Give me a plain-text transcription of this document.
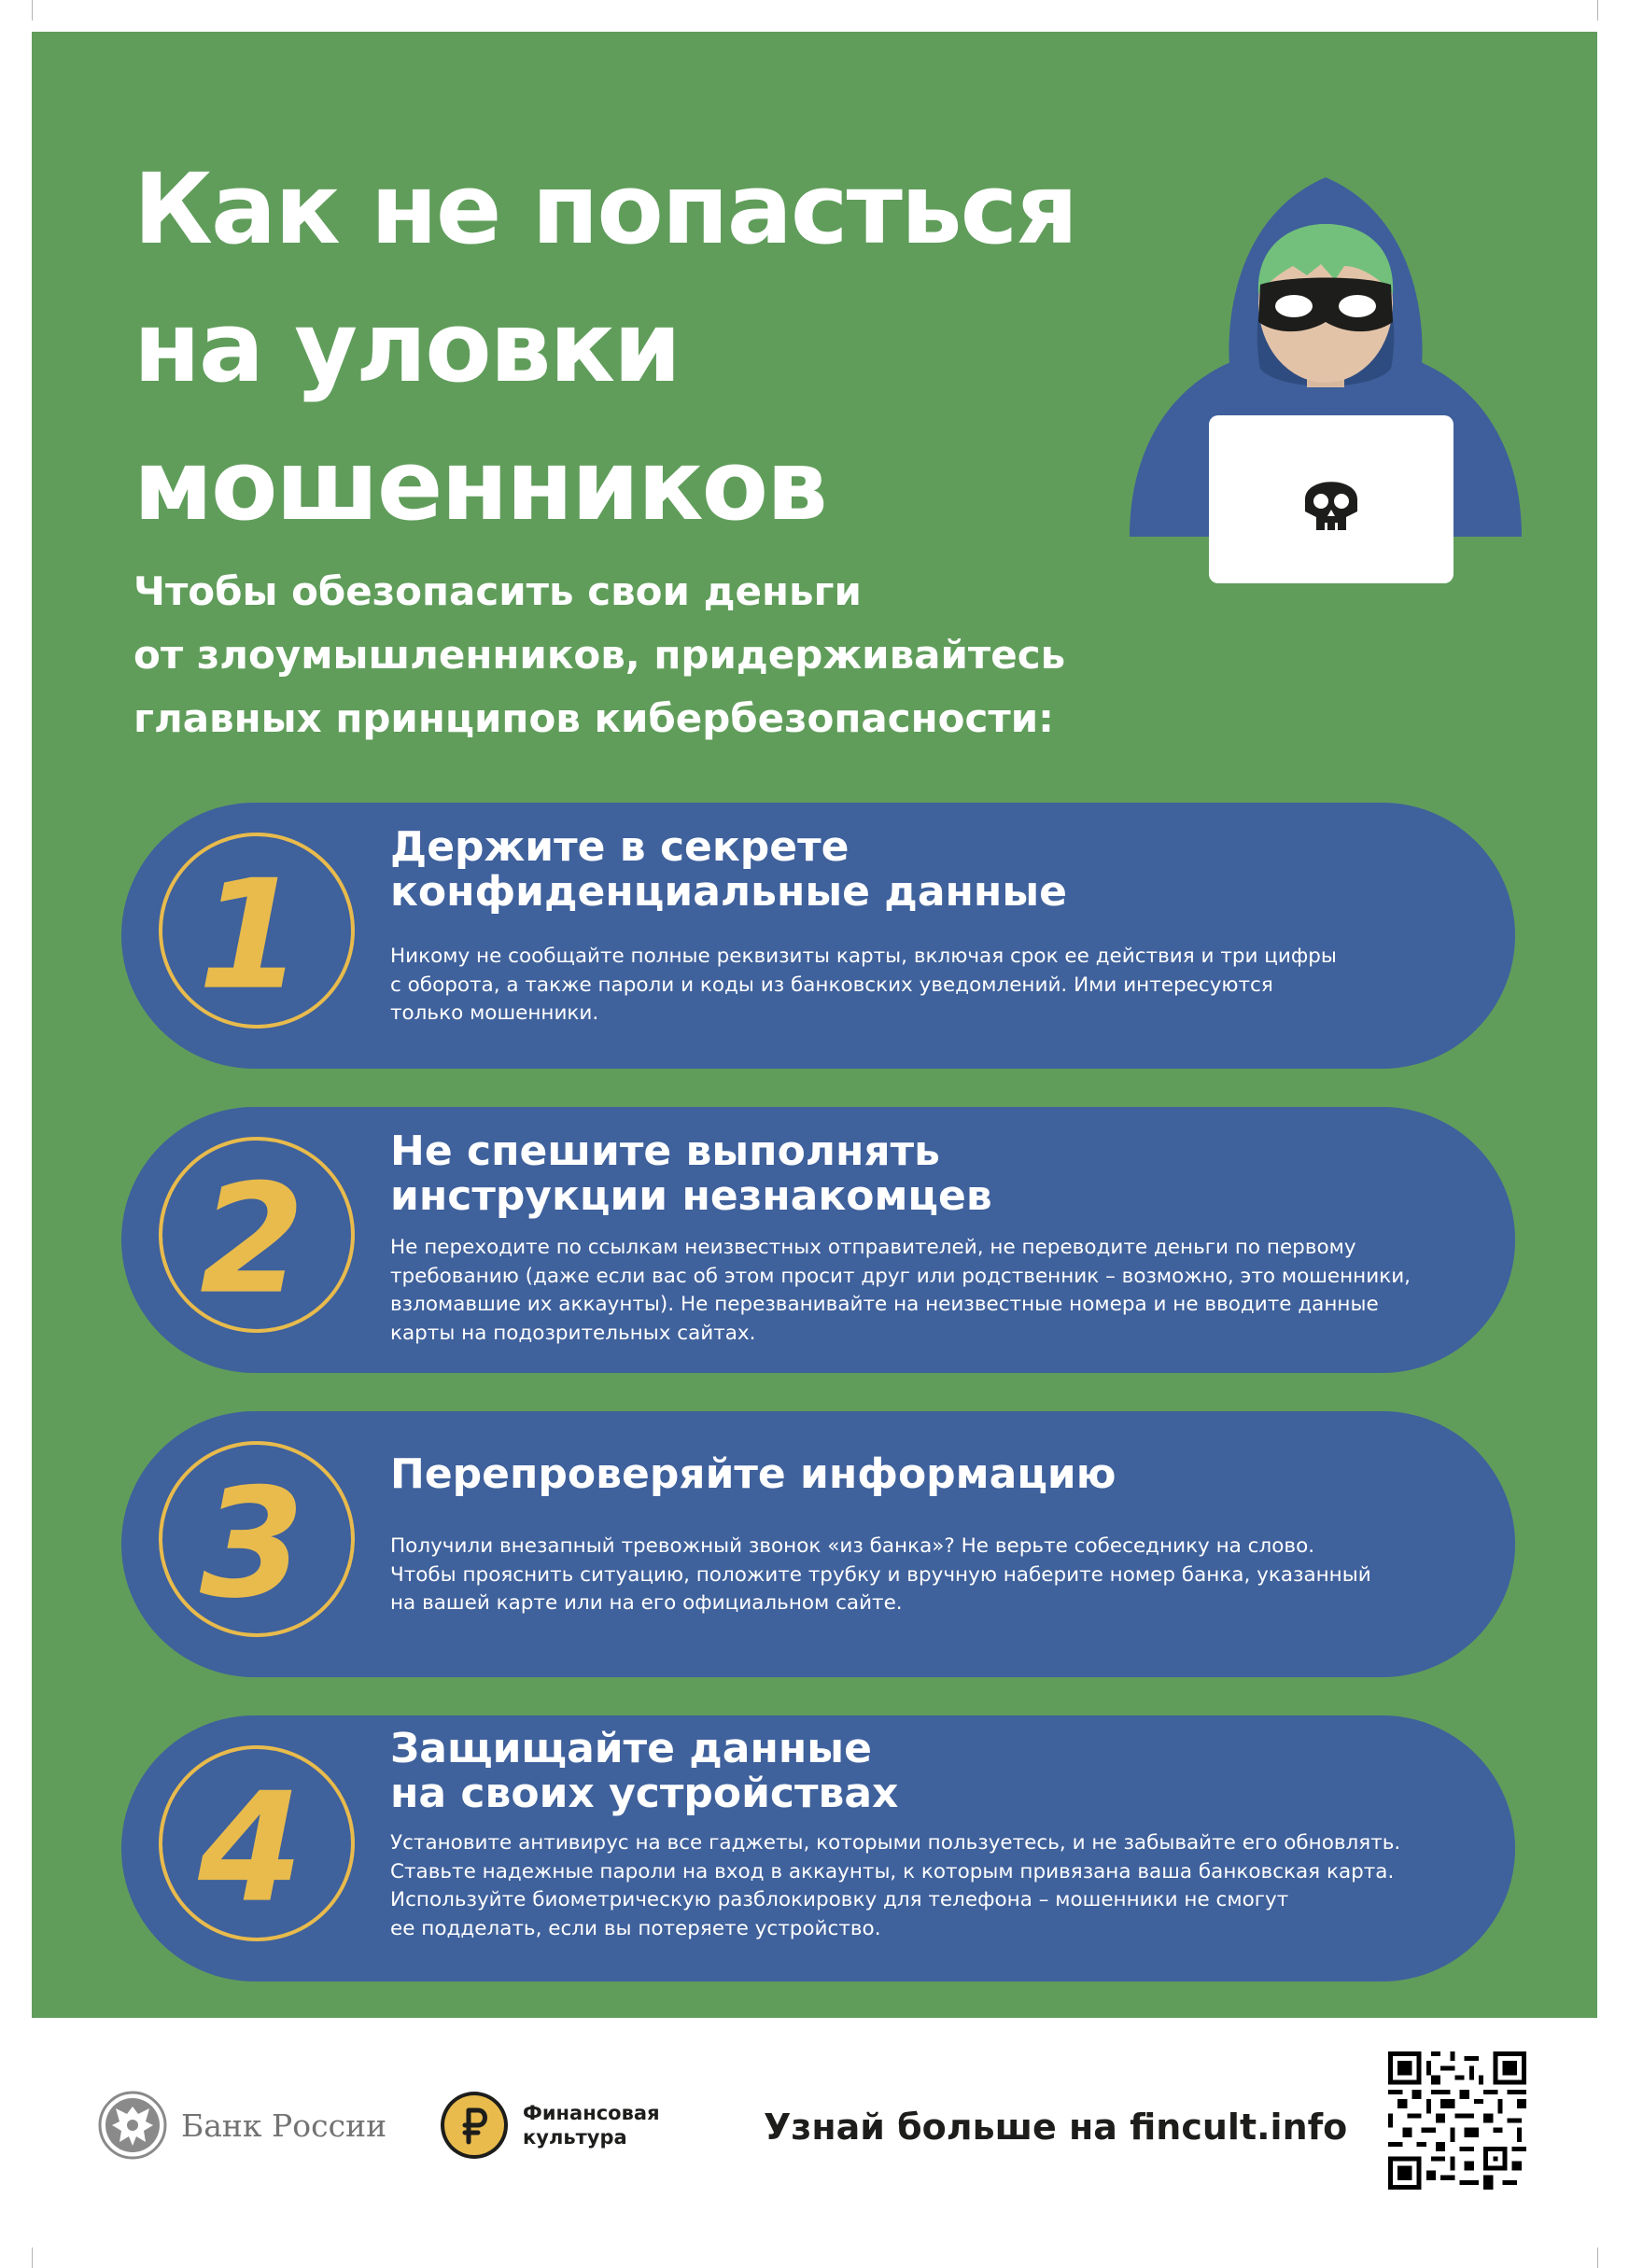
Как не попасться
на уловки
мошенников
Чтобы обезопасить свои деньги
от злоумышленников, придерживайтесь
главных принципов кибербезопасности:
1
Держите в секрете
конфиденциальные данные
Никому не сообщайте полные реквизиты карты, включая срок ее действия и три цифры
с оборота, а также пароли и коды из банковских уведомлений. Ими интересуются
только мошенники.
2
Не спешите выполнять
инструкции незнакомцев
Не переходите по ссылкам неизвестных отправителей, не переводите деньги по первому
требованию (даже если вас об этом просит друг или родственник – возможно, это мошенники,
взломавшие их аккаунты). Не перезванивайте на неизвестные номера и не вводите данные
карты на подозрительных сайтах.
3 Перепроверяйте информацию
Получили внезапный тревожный звонок «из банка»? Не верьте собеседнику на слово.
Чтобы прояснить ситуацию, положите трубку и вручную наберите номер банка, указанный
на вашей карте или на его официальном сайте.
4
Защищайте данные
на своих устройствах
Установите антивирус на все гаджеты, которыми пользуетесь, и не забывайте его обновлять.
Ставьте надежные пароли на вход в аккаунты, к которым привязана ваша банковская карта.
Используйте биометрическую разблокировку для телефона – мошенники не смогут
ее подделать, если вы потеряете устройство.
Банк России	Финансовая
культура	Узнай больше на fincult.info
